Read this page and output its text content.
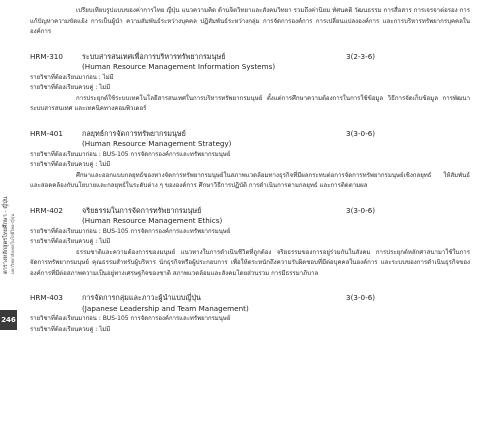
246
ตารางหลักสูตรไทยศึกษา - ญี่ปุ่น มหาวิทยาลัยเทคโนโลยีไทย-ญี่ปุ่น

เปรียบเทียบรูปแบบของค่าการไทย ญี่ปุ่น แนวความคิด ด้านจิตวิทยาและสังคมวิทยา รวมถึงค่านิยม ทัศนคติ วัฒนธรรม การสื่อสาร การเจรจาต่อรอง การแก้ปัญหาความขัดแย้ง การเป็นผู้นำ ความสัมพันธ์ระหว่างบุคคล ปฏิสัมพันธ์ระหว่างกลุ่ม การจัดการองค์การ การเปลี่ยนแปลงองค์การ และการบริหารทรัพยากรบุคคลในองค์การ

HRM-310	ระบบสารสนเทศเพื่อการบริหารทรัพยากรมนุษย์	3(2-3-6)
(Human Resource Management Information Systems)
รายวิชาที่ต้องเรียนมาก่อน : ไม่มี
รายวิชาที่ต้องเรียนควบคู่ : ไม่มี

การประยุกต์ใช้ระบบเทคโนโลยีสารสนเทศในการบริหารทรัพยากรมนุษย์ ตั้งแต่การศึกษาความต้องการในการใช้ข้อมูล วิธีการจัดเก็บข้อมูล การพัฒนาระบบสารสนเทศ และเทคนิคทางคอมพิวเตอร์

HRM-401	กลยุทธ์การจัดการทรัพยากรมนุษย์	3(3-0-6)
(Human Resource Management Strategy)
รายวิชาที่ต้องเรียนมาก่อน : BUS-105 การจัดการองค์การและทรัพยากรมนุษย์
รายวิชาที่ต้องเรียนควบคู่ : ไม่มี

ศึกษาและออกแบบกลยุทธ์ของทางจัดการทรัพยากรมนุษย์ในสภาพแวดล้อมทางธุรกิจที่มีผลกระทบต่อการจัดการทรัพยากรมนุษย์เชิงกลยุทธ์ ให้สัมพันธ์และสอดคล้องกับนโยบายและกลยุทธ์ในระดับต่าง ๆ ขององค์การ ศึกษาวิธีการปฏิบัติ การดำเนินการตามกลยุทธ์ และการติดตามผล

HRM-402	จริยธรรมในการจัดการทรัพยากรมนุษย์	3(3-0-6)
(Human Resource Management Ethics)
รายวิชาที่ต้องเรียนมาก่อน : BUS-105 การจัดการองค์การและทรัพยากรมนุษย์
รายวิชาที่ต้องเรียนควบคู่ : ไม่มี

ธรรมชาติและความต้องการของมนุษย์ แนวทางในการดำเนินชีวิตที่ถูกต้อง จริยธรรมของการอยู่ร่วมกันในสังคม การประยุกต์หลักศาสนามาใช้ในการจัดการทรัพยากรมนุษย์ คุณธรรมสำหรับผู้บริหาร นักธุรกิจหรือผู้ประกอบการ เพื่อให้ตระหนักถึงความรับผิดชอบที่มีต่อบุคคลในองค์การ และระบบของการดำเนินธุรกิจขององค์การที่มีต่อสภาพความเป็นอยู่ทางเศรษฐกิจของชาติ สภาพแวดล้อมและสังคมโดยส่วนรวม การมีธรรมาภิบาล

HRM-403	การจัดการกลุ่มและภาวะผู้นำแบบญี่ปุ่น	3(3-0-6)
(Japanese Leadership and Team Management)
รายวิชาที่ต้องเรียนมาก่อน : BUS-105 การจัดการองค์การและทรัพยากรมนุษย์
รายวิชาที่ต้องเรียนควบคู่ : ไม่มี
